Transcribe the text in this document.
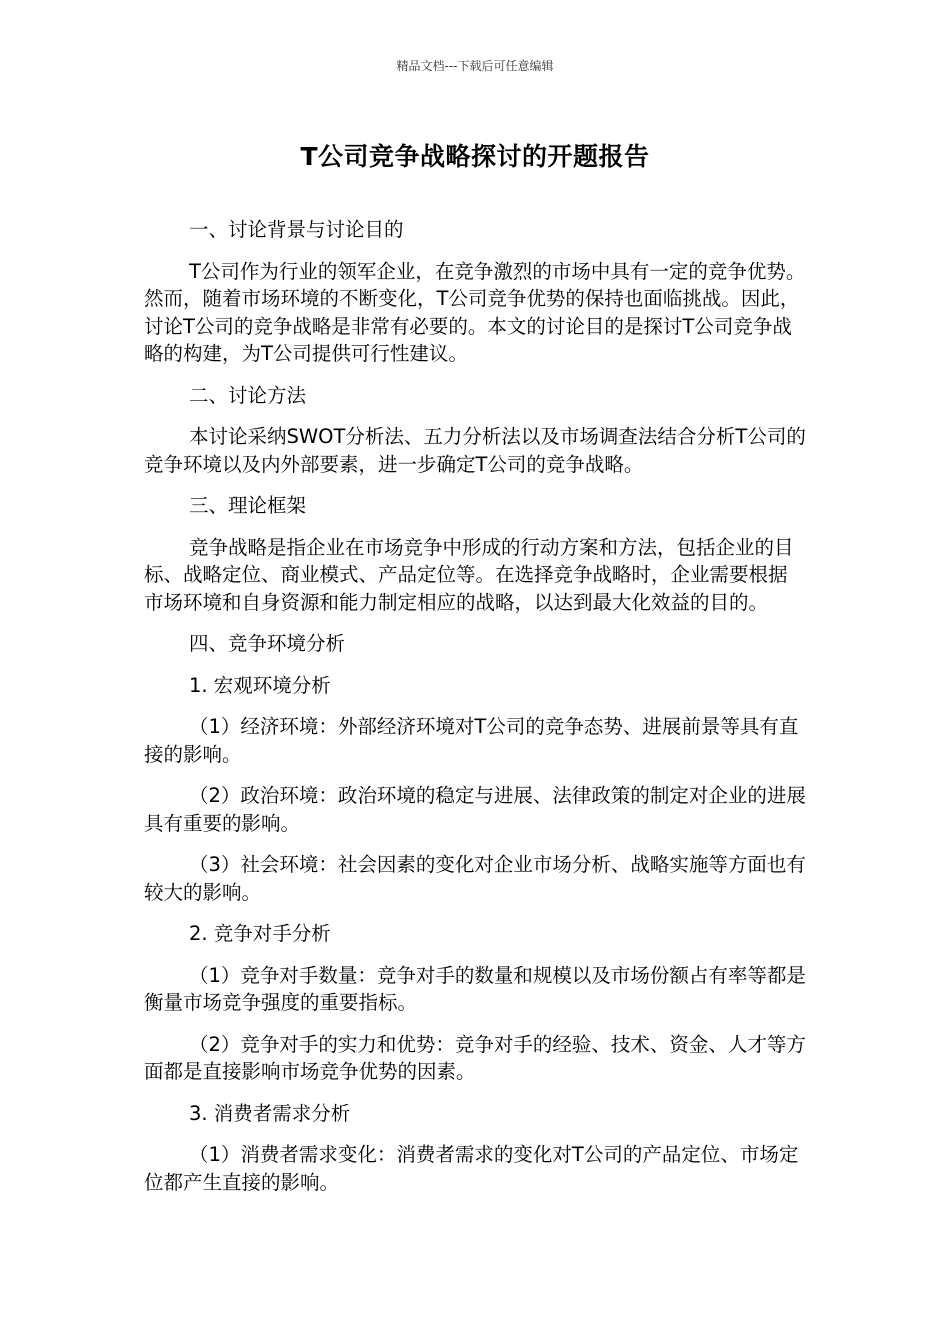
精品文档---下载后可任意编辑
T公司竞争战略探讨的开题报告

一、讨论背景与讨论目的

T公司作为行业的领军企业，在竞争激烈的市场中具有一定的竞争优势。然而，随着市场环境的不断变化，T公司竞争优势的保持也面临挑战。因此，讨论T公司的竞争战略是非常有必要的。本文的讨论目的是探讨T公司竞争战略的构建，为T公司提供可行性建议。

二、讨论方法

本讨论采纳SWOT分析法、五力分析法以及市场调查法结合分析T公司的竞争环境以及内外部要素，进一步确定T公司的竞争战略。

三、理论框架

竞争战略是指企业在市场竞争中形成的行动方案和方法，包括企业的目标、战略定位、商业模式、产品定位等。在选择竞争战略时，企业需要根据市场环境和自身资源和能力制定相应的战略，以达到最大化效益的目的。

四、竞争环境分析

1. 宏观环境分析

（1）经济环境：外部经济环境对T公司的竞争态势、进展前景等具有直接的影响。

（2）政治环境：政治环境的稳定与进展、法律政策的制定对企业的进展具有重要的影响。

（3）社会环境：社会因素的变化对企业市场分析、战略实施等方面也有较大的影响。

2. 竞争对手分析

（1）竞争对手数量：竞争对手的数量和规模以及市场份额占有率等都是衡量市场竞争强度的重要指标。

（2）竞争对手的实力和优势：竞争对手的经验、技术、资金、人才等方面都是直接影响市场竞争优势的因素。

3. 消费者需求分析

（1）消费者需求变化：消费者需求的变化对T公司的产品定位、市场定位都产生直接的影响。
